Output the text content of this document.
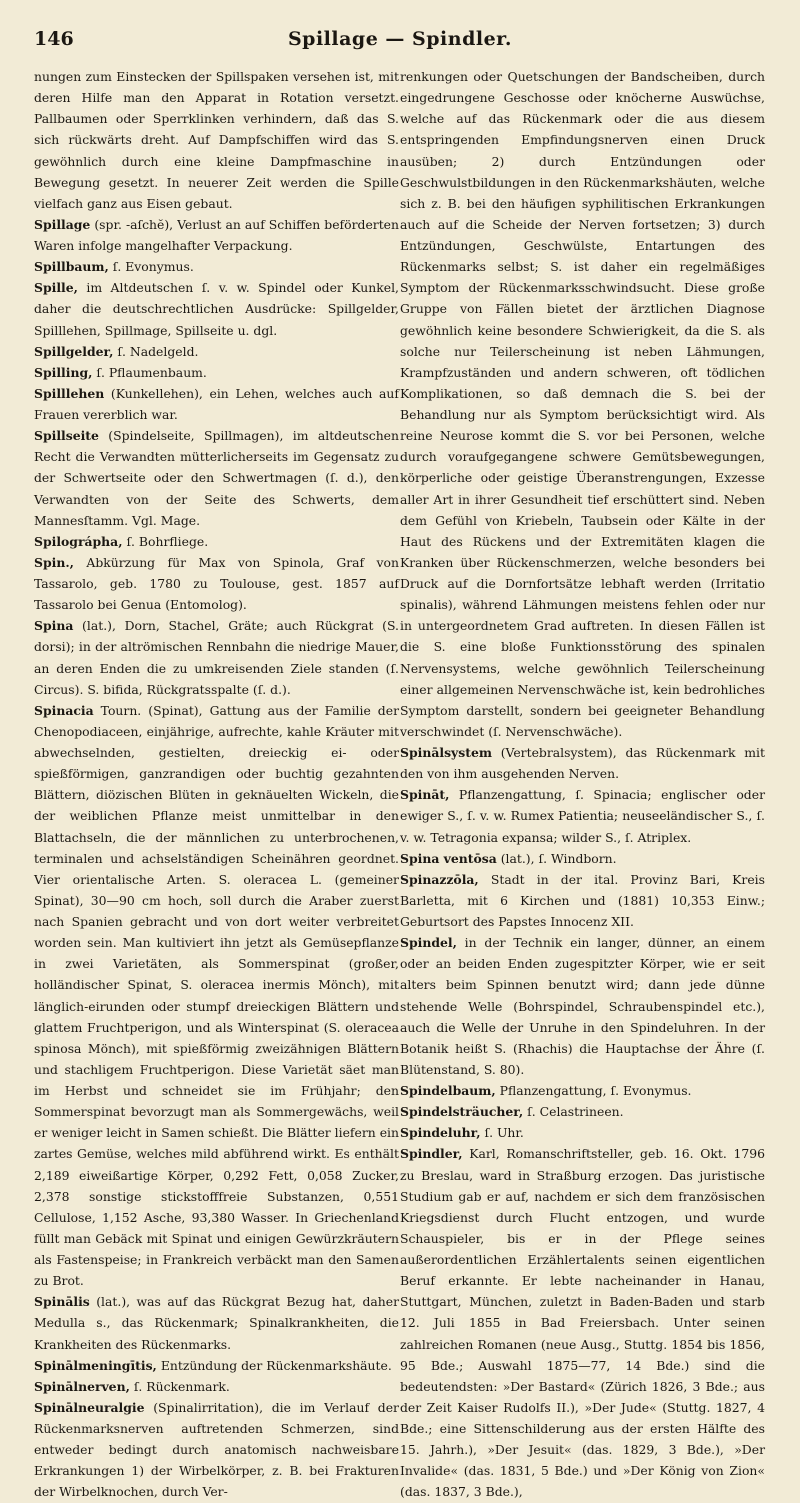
146	Spillage — Spindler.

nungen zum Einstecken der Spillspaken versehen ist, mit deren Hilfe man den Apparat in Rotation versetzt. Pallbaumen oder Sperrklinken verhindern, daß das S. sich rückwärts dreht. Auf Dampfschiffen wird das S. gewöhnlich durch eine kleine Dampfmaschine in Bewegung gesetzt. In neuerer Zeit werden die Spille vielfach ganz aus Eisen gebaut.

Spillage (spr. -aſchĕ), Verlust an auf Schiffen beförderten Waren infolge mangelhafter Verpackung.

Spillbaum, ſ. Evonymus.

Spille, im Altdeutschen ſ. v. w. Spindel oder Kunkel, daher die deutschrechtlichen Ausdrücke: Spillgelder, Spilllehen, Spillmage, Spillseite u. dgl.

Spillgelder, ſ. Nadelgeld.

Spilling, ſ. Pflaumenbaum.

Spilllehen (Kunkellehen), ein Lehen, welches auch auf Frauen vererblich war.

Spillseite (Spindelseite, Spillmagen), im altdeutschen Recht die Verwandten mütterlicherseits im Gegensatz zu der Schwertseite oder den Schwertmagen (ſ. d.), den Verwandten von der Seite des Schwerts, dem Mannesſtamm. Vgl. Mage.

Spilográpha, ſ. Bohrfliege.

Spin., Abkürzung für Max von Spinola, Graf von Tassarolo, geb. 1780 zu Toulouse, gest. 1857 auf Tassarolo bei Genua (Entomolog).

Spina (lat.), Dorn, Stachel, Gräte; auch Rückgrat (S. dorsi); in der altrömischen Rennbahn die niedrige Mauer, an deren Enden die zu umkreisenden Ziele standen (ſ. Circus). S. bifida, Rückgratsspalte (ſ. d.).

Spinacia Tourn. (Spinat), Gattung aus der Familie der Chenopodiaceen, einjährige, aufrechte, kahle Kräuter mit abwechselnden, gestielten, dreieckig ei- oder spießförmigen, ganzrandigen oder buchtig gezahnten Blättern, diözischen Blüten in geknäuelten Wickeln, die der weiblichen Pflanze meist unmittelbar in den Blattachseln, die der männlichen zu unterbrochenen, terminalen und achselständigen Scheinähren geordnet. Vier orientalische Arten. S. oleracea L. (gemeiner Spinat), 30—90 cm hoch, soll durch die Araber zuerst nach Spanien gebracht und von dort weiter verbreitet worden sein. Man kultiviert ihn jetzt als Gemüsepflanze in zwei Varietäten, als Sommerspinat (großer, holländischer Spinat, S. oleracea inermis Mönch), mit länglich-eirunden oder stumpf dreieckigen Blättern und glattem Fruchtperigon, und als Winterspinat (S. oleracea spinosa Mönch), mit spießförmig zweizähnigen Blättern und stachligem Fruchtperigon. Diese Varietät säet man im Herbst und schneidet sie im Frühjahr; den Sommerspinat bevorzugt man als Sommergewächs, weil er weniger leicht in Samen schießt. Die Blätter liefern ein zartes Gemüse, welches mild abführend wirkt. Es enthält 2,189 eiweißartige Körper, 0,292 Fett, 0,058 Zucker, 2,378 sonstige stickstofffreie Substanzen, 0,551 Cellulose, 1,152 Asche, 93,380 Wasser. In Griechenland füllt man Gebäck mit Spinat und einigen Gewürzkräutern als Fastenspeise; in Frankreich verbäckt man den Samen zu Brot.

Spinālis (lat.), was auf das Rückgrat Bezug hat, daher Medulla s., das Rückenmark; Spinalkrankheiten, die Krankheiten des Rückenmarks.

Spinālmeningītis, Entzündung der Rückenmarkshäute.

Spinālnerven, ſ. Rückenmark.

Spinālneuralgie (Spinalirritation), die im Verlauf der Rückenmarksnerven auftretenden Schmerzen, sind entweder bedingt durch anatomisch nachweisbare Erkrankungen 1) der Wirbelkörper, z. B. bei Frakturen der Wirbelknochen, durch Ver-

renkungen oder Quetschungen der Bandscheiben, durch eingedrungene Geschosse oder knöcherne Auswüchse, welche auf das Rückenmark oder die aus diesem entspringenden Empfindungsnerven einen Druck ausüben; 2) durch Entzündungen oder Geschwulstbildungen in den Rückenmarkshäuten, welche sich z. B. bei den häufigen syphilitischen Erkrankungen auch auf die Scheide der Nerven fortsetzen; 3) durch Entzündungen, Geschwülste, Entartungen des Rückenmarks selbst; S. ist daher ein regelmäßiges Symptom der Rückenmarksschwindsucht. Diese große Gruppe von Fällen bietet der ärztlichen Diagnose gewöhnlich keine besondere Schwierigkeit, da die S. als solche nur Teilerscheinung ist neben Lähmungen, Krampfzuständen und andern schweren, oft tödlichen Komplikationen, so daß demnach die S. bei der Behandlung nur als Symptom berücksichtigt wird. Als reine Neurose kommt die S. vor bei Personen, welche durch voraufgegangene schwere Gemütsbewegungen, körperliche oder geistige Überanstrengungen, Exzesse aller Art in ihrer Gesundheit tief erschüttert sind. Neben dem Gefühl von Kriebeln, Taubsein oder Kälte in der Haut des Rückens und der Extremitäten klagen die Kranken über Rückenschmerzen, welche besonders bei Druck auf die Dornfortsätze lebhaft werden (Irritatio spinalis), während Lähmungen meistens fehlen oder nur in untergeordnetem Grad auftreten. In diesen Fällen ist die S. eine bloße Funktionsstörung des spinalen Nervensystems, welche gewöhnlich Teilerscheinung einer allgemeinen Nervenschwäche ist, kein bedrohliches Symptom darstellt, sondern bei geeigneter Behandlung verschwindet (ſ. Nervenschwäche).

Spinālsystem (Vertebralsystem), das Rückenmark mit den von ihm ausgehenden Nerven.

Spināt, Pflanzengattung, ſ. Spinacia; englischer oder ewiger S., ſ. v. w. Rumex Patientia; neuseeländischer S., ſ. v. w. Tetragonia expansa; wilder S., ſ. Atriplex.

Spina ventōsa (lat.), ſ. Windborn.

Spinazzōla, Stadt in der ital. Provinz Bari, Kreis Barletta, mit 6 Kirchen und (1881) 10,353 Einw.; Geburtsort des Papstes Innocenz XII.

Spindel, in der Technik ein langer, dünner, an einem oder an beiden Enden zugespitzter Körper, wie er seit alters beim Spinnen benutzt wird; dann jede dünne stehende Welle (Bohrspindel, Schraubenspindel etc.), auch die Welle der Unruhe in den Spindeluhren. In der Botanik heißt S. (Rhachis) die Hauptachse der Ähre (ſ. Blütenstand, S. 80).

Spindelbaum, Pflanzengattung, ſ. Evonymus.

Spindelsträucher, ſ. Celastrineen.

Spindeluhr, ſ. Uhr.

Spindler, Karl, Romanschriftsteller, geb. 16. Okt. 1796 zu Breslau, ward in Straßburg erzogen. Das juristische Studium gab er auf, nachdem er sich dem französischen Kriegsdienst durch Flucht entzogen, und wurde Schauspieler, bis er in der Pflege seines außerordentlichen Erzählertalents seinen eigentlichen Beruf erkannte. Er lebte nacheinander in Hanau, Stuttgart, München, zuletzt in Baden-Baden und starb 12. Juli 1855 in Bad Freiersbach. Unter seinen zahlreichen Romanen (neue Ausg., Stuttg. 1854 bis 1856, 95 Bde.; Auswahl 1875—77, 14 Bde.) sind die bedeutendsten: »Der Bastard« (Zürich 1826, 3 Bde.; aus der Zeit Kaiser Rudolfs II.), »Der Jude« (Stuttg. 1827, 4 Bde.; eine Sittenschilderung aus der ersten Hälfte des 15. Jahrh.), »Der Jesuit« (das. 1829, 3 Bde.), »Der Invalide« (das. 1831, 5 Bde.) und »Der König von Zion« (das. 1837, 3 Bde.),
